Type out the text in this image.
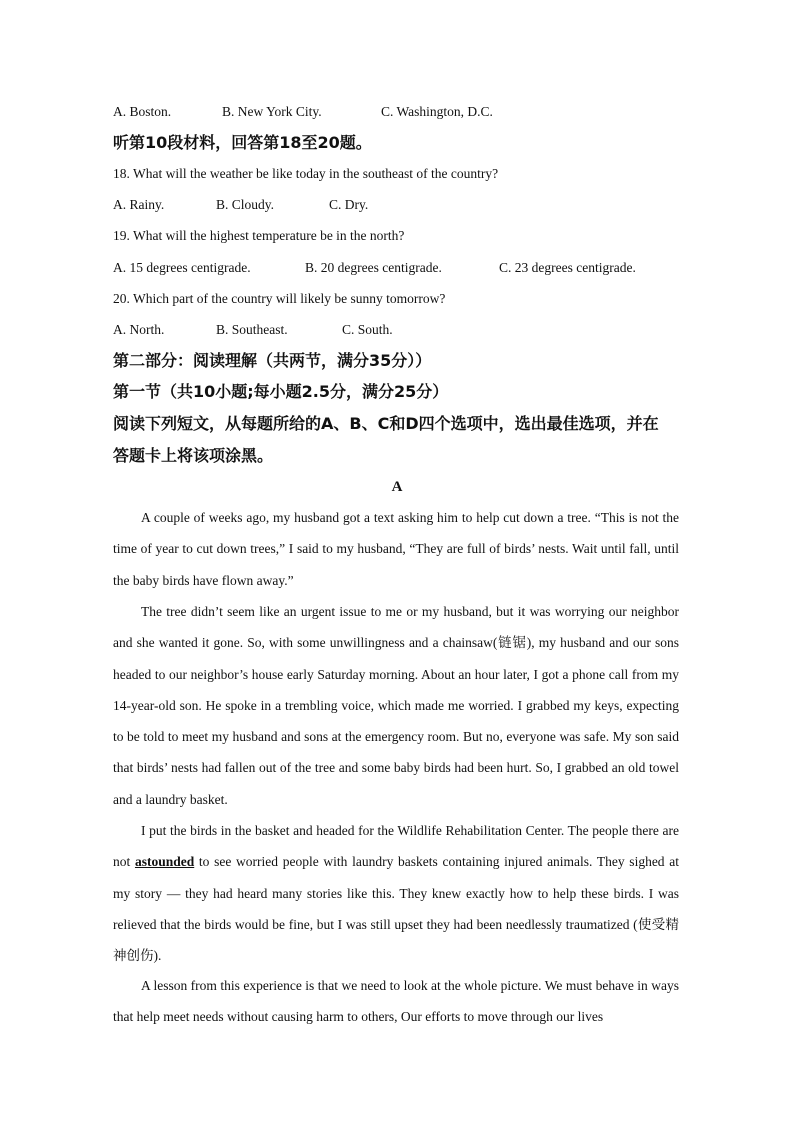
A. Boston.	B. New York City.	C. Washington, D.C.
听第10段材料，回答第18至20题。
18. What will the weather be like today in the southeast of the country?
A. Rainy.	B. Cloudy.	C. Dry.
19. What will the highest temperature be in the north?
A. 15 degrees centigrade.	B. 20 degrees centigrade.	C. 23 degrees centigrade.
20. Which part of the country will likely be sunny tomorrow?
A. North.	B. Southeast.	C. South.
第二部分：阅读理解（共两节，满分35分））
第一节（共10小题;每小题2.5分，满分25分）
阅读下列短文，从每题所给的A、B、C和D四个选项中，选出最佳选项，并在
答题卡上将该项涂黑。
A
A couple of weeks ago, my husband got a text asking him to help cut down a tree. “This is not the time of year to cut down trees,” I said to my husband, “They are full of birds’ nests. Wait until fall, until the baby birds have flown away.”
The tree didn’t seem like an urgent issue to me or my husband, but it was worrying our neighbor and she wanted it gone. So, with some unwillingness and a chainsaw(链锯), my husband and our sons headed to our neighbor’s house early Saturday morning. About an hour later, I got a phone call from my 14-year-old son. He spoke in a trembling voice, which made me worried. I grabbed my keys, expecting to be told to meet my husband and sons at the emergency room. But no, everyone was safe. My son said that birds’ nests had fallen out of the tree and some baby birds had been hurt. So, I grabbed an old towel and a laundry basket.
I put the birds in the basket and headed for the Wildlife Rehabilitation Center. The people there are not astounded to see worried people with laundry baskets containing injured animals. They sighed at my story — they had heard many stories like this. They knew exactly how to help these birds. I was relieved that the birds would be fine, but I was still upset they had been needlessly traumatized (使受精神创伤).
A lesson from this experience is that we need to look at the whole picture. We must behave in ways that help meet needs without causing harm to others, Our efforts to move through our lives
